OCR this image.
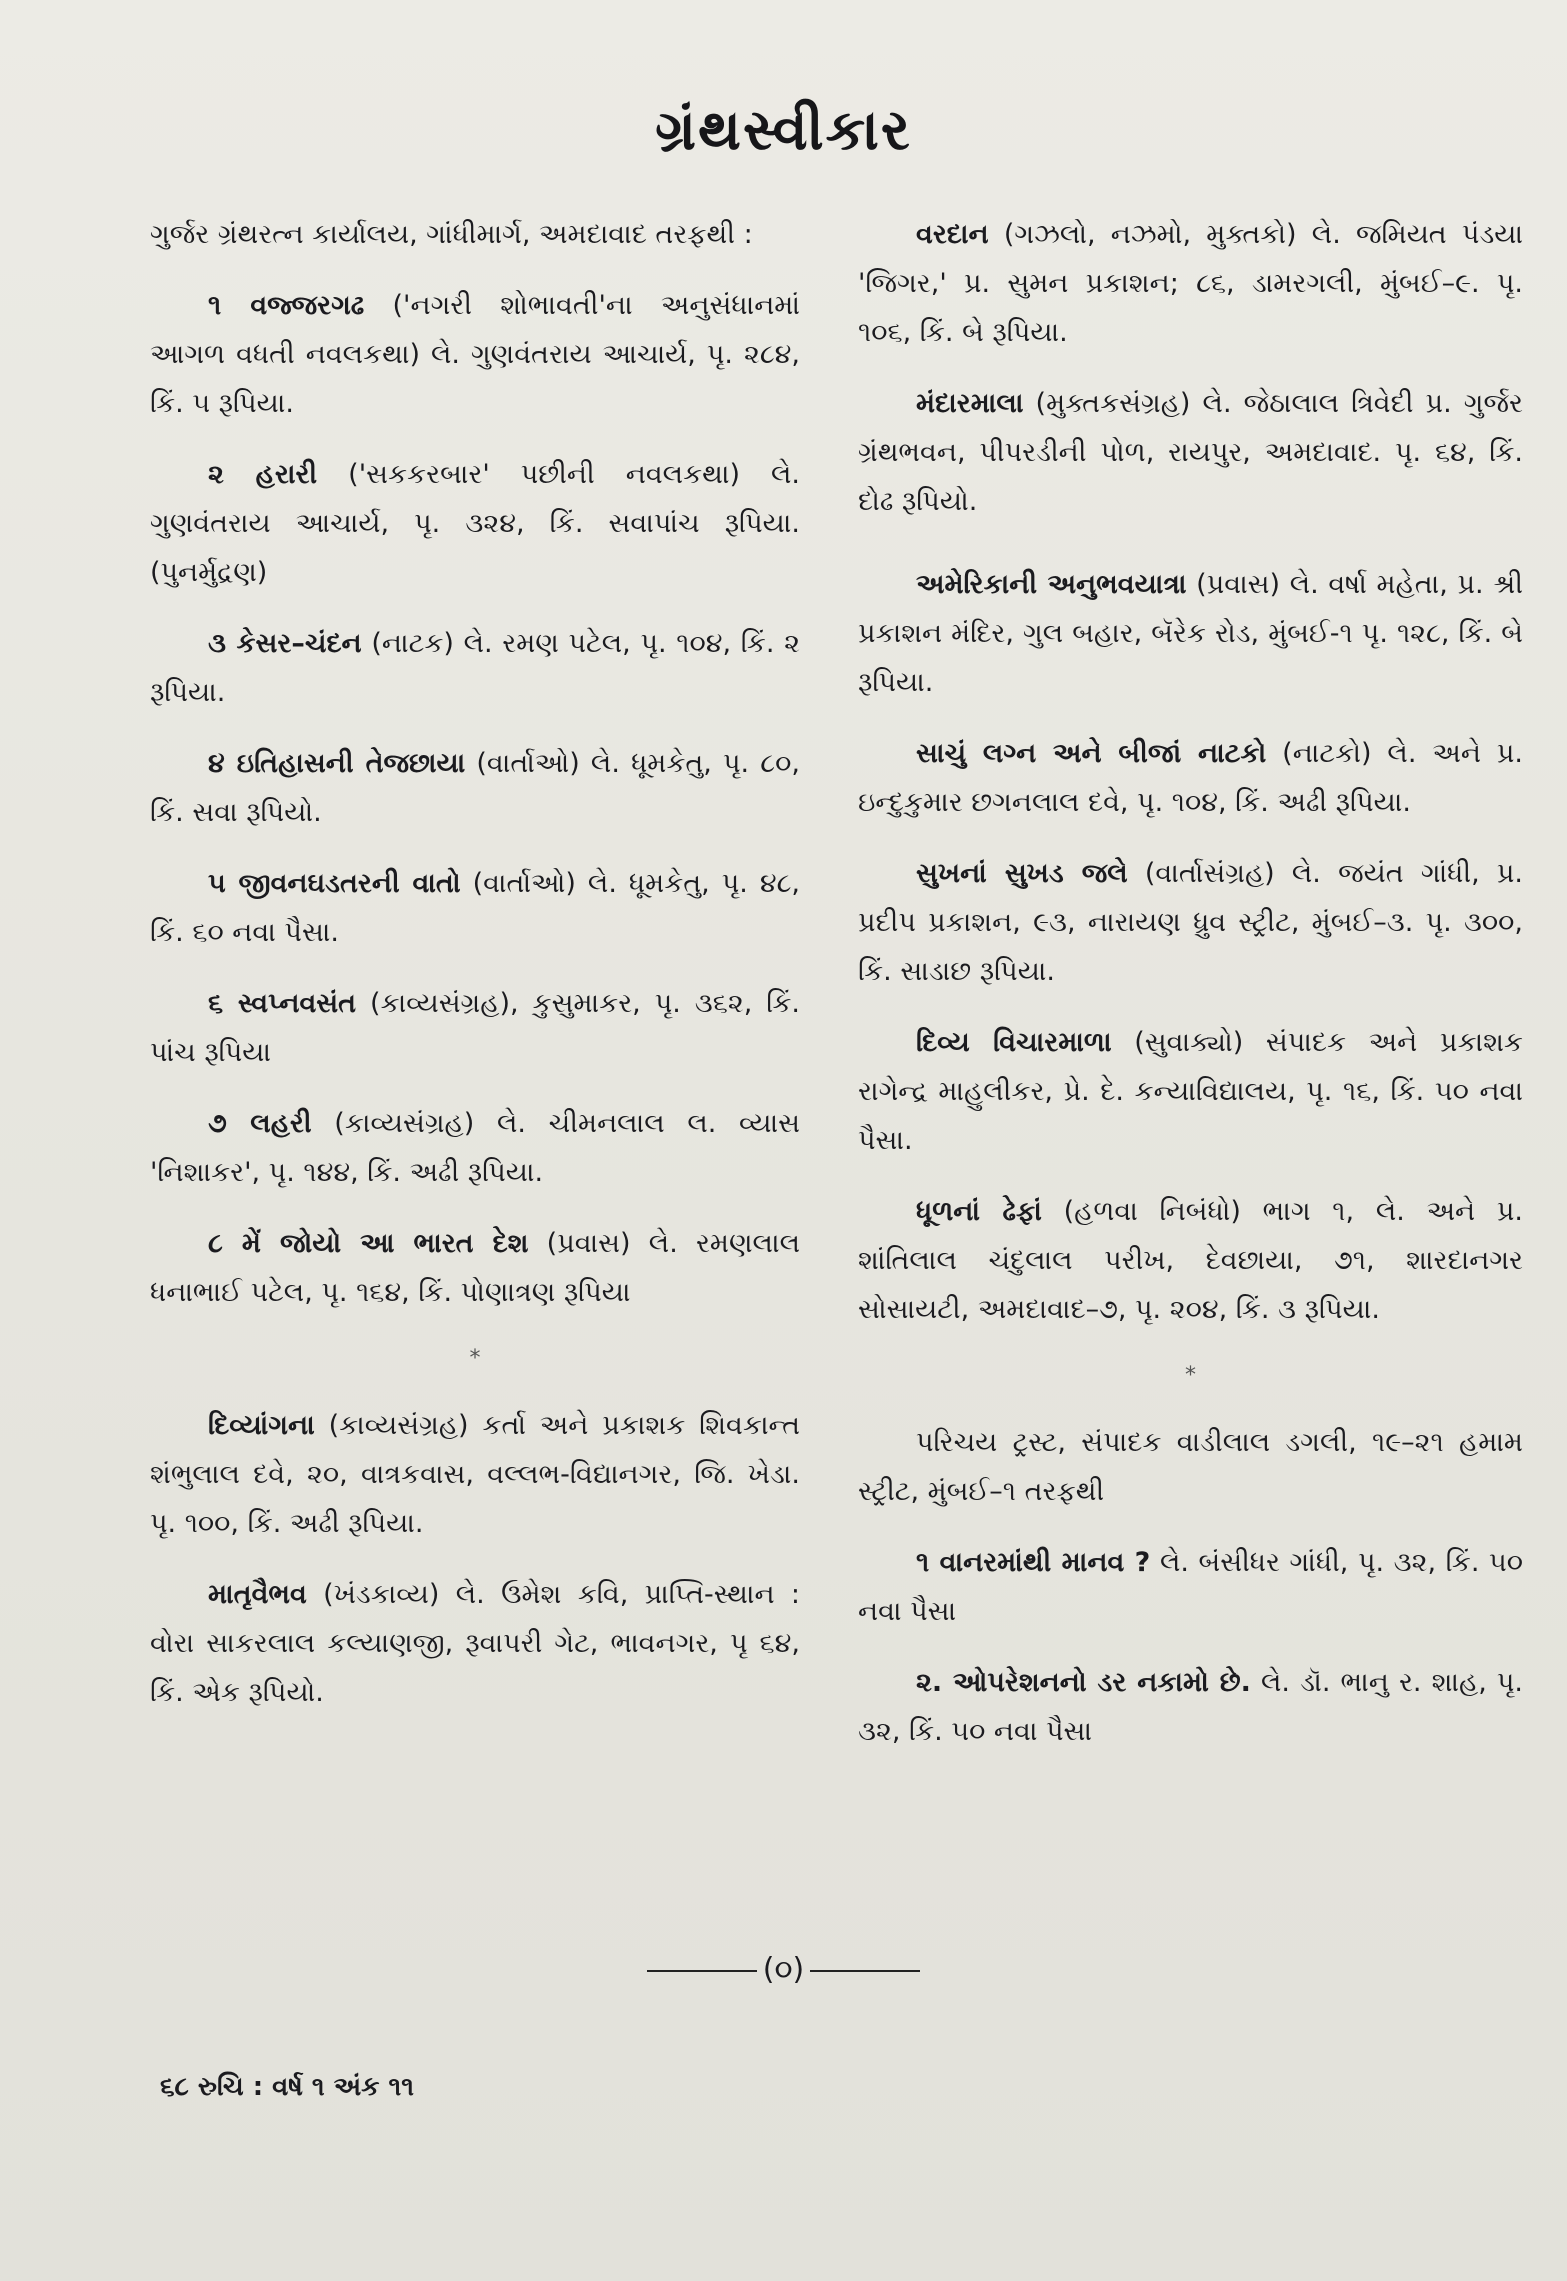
ગ્રંથસ્વીકાર

ગુર્જર ગ્રંથરત્ન કાર્યાલય, ગાંધીમાર્ગ, અમદાવાદ તરફથી :

૧ વજ્જરગઢ ('નગરી શોભાવતી'ના અનુસંધાનમાં આગળ વધતી નવલકથા) લે. ગુણવંતરાય આચાર્ય, પૃ. ૨૮૪, કિં. ૫ રૂપિયા.

૨ હરારી ('સકકરબાર' પછીની નવલકથા) લે. ગુણવંતરાય આચાર્ય, પૃ. ૩૨૪, કિં. સવાપાંચ રૂપિયા. (પુનર્મુદ્રણ)

૩ કેસર–ચંદન (નાટક) લે. રમણ પટેલ, પૃ. ૧૦૪, કિં. ૨ રૂપિયા.

૪ ઇતિહાસની તેજછાયા (વાર્તાઓ) લે. ધૂમકેતુ, પૃ. ૮૦, કિં. સવા રૂપિયો.

૫ જીવનઘડતરની વાતો (વાર્તાઓ) લે. ધૂમકેતુ, પૃ. ૪૮, કિં. ૬૦ નવા પૈસા.

૬ સ્વપ્નવસંત (કાવ્યસંગ્રહ), કુસુમાકર, પૃ. ૩૬૨, કિં. પાંચ રૂપિયા

૭ લહરી (કાવ્યસંગ્રહ) લે. ચીમનલાલ લ. વ્યાસ 'નિશાકર', પૃ. ૧૪૪, કિં. અઢી રૂપિયા.

૮ મેં જોયો આ ભારત દેશ (પ્રવાસ) લે. રમણલાલ ધનાભાઈ પટેલ, પૃ. ૧૬૪, કિં. પોણાત્રણ રૂપિયા

*

દિવ્યાંગના (કાવ્યસંગ્રહ) કર્તા અને પ્રકાશક શિવકાન્ત શંભુલાલ દવે, ૨૦, વાત્રકવાસ, વલ્લભ-વિદ્યાનગર, જિ. ખેડા. પૃ. ૧૦૦, કિં. અઢી રૂપિયા.

માતૃવૈભવ (ખંડકાવ્ય) લે. ઉમેશ કવિ, પ્રાપ્તિ-સ્થાન : વોરા સાકરલાલ કલ્યાણજી, રૂવાપરી ગેટ, ભાવનગર, પૃ ૬૪, કિં. એક રૂપિયો.

વરદાન (ગઝલો, નઝમો, મુક્તકો) લે. જમિયત પંડયા 'જિગર,' પ્ર. સુમન પ્રકાશન; ૮૬, ડામરગલી, મુંબઈ–૯. પૃ. ૧૦૬, કિં. બે રૂપિયા.

મંદારમાલા (મુક્તકસંગ્રહ) લે. જેઠાલાલ ત્રિવેદી પ્ર. ગુર્જર ગ્રંથભવન, પીપરડીની પોળ, રાયપુર, અમદાવાદ. પૃ. ૬૪, કિં. દોઢ રૂપિયો.

અમેરિકાની અનુભવયાત્રા (પ્રવાસ) લે. વર્ષા મહેતા, પ્ર. શ્રી પ્રકાશન મંદિર, ગુલ બહાર, બૅરેક રોડ, મુંબઈ-૧ પૃ. ૧૨૮, કિં. બે રૂપિયા.

સાચું લગ્ન અને બીજાં નાટકો (નાટકો) લે. અને પ્ર. ઇન્દુકુમાર છગનલાલ દવે, પૃ. ૧૦૪, કિં. અઢી રૂપિયા.

સુખનાં સુખડ જલે (વાર્તાસંગ્રહ) લે. જયંત ગાંધી, પ્ર. પ્રદીપ પ્રકાશન, ૯૩, નારાયણ ધ્રુવ સ્ટ્રીટ, મુંબઈ–૩. પૃ. ૩૦૦, કિં. સાડાછ રૂપિયા.

દિવ્ય વિચારમાળા (સુવાક્યો) સંપાદક અને પ્રકાશક રાગેન્દ્ર માહુલીકર, પ્રે. દે. કન્યાવિદ્યાલય, પૃ. ૧૬, કિં. ૫૦ નવા પૈસા.

ધૂળનાં ઢેફાં (હળવા નિબંધો) ભાગ ૧, લે. અને પ્ર. શાંતિલાલ ચંદુલાલ પરીખ, દેવછાયા, ૭૧, શારદાનગર સોસાયટી, અમદાવાદ–૭, પૃ. ૨૦૪, કિં. ૩ રૂપિયા.

*

પરિચય ટ્રસ્ટ, સંપાદક વાડીલાલ ડગલી, ૧૯–૨૧ હમામ સ્ટ્રીટ, મુંબઈ–૧ તરફથી

૧ વાનરમાંથી માનવ ? લે. બંસીધર ગાંધી, પૃ. ૩૨, કિં. ૫૦ નવા પૈસા

૨. ઓપરેશનનો ડર નકામો છે. લે. ડૉ. ભાનુ ર. શાહ, પૃ. ૩૨, કિં. ૫૦ નવા પૈસા

(૦)
૬૮ રુચિ : વર્ષ ૧ અંક ૧૧
